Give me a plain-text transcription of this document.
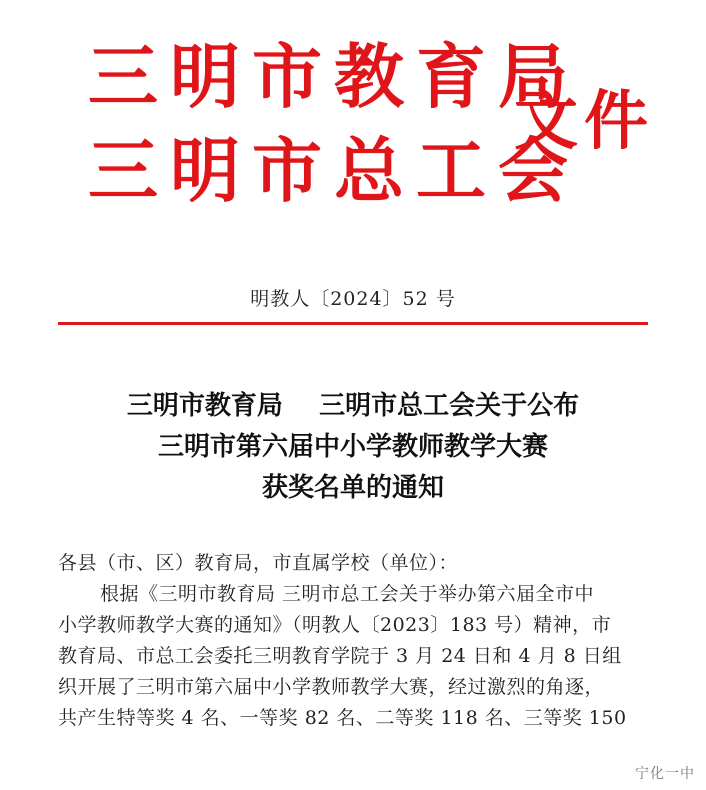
三明市教育局
三明市总工会
文件
明教人〔2024〕52 号
三明市教育局    三明市总工会关于公布
三明市第六届中小学教师教学大赛
获奖名单的通知
各县（市、区）教育局，市直属学校（单位）：
根据《三明市教育局 三明市总工会关于举办第六届全市中
小学教师教学大赛的通知》（明教人〔2023〕183 号）精神，市
教育局、市总工会委托三明教育学院于 3 月 24 日和 4 月 8 日组
织开展了三明市第六届中小学教师教学大赛，经过激烈的角逐，
共产生特等奖 4 名、一等奖 82 名、二等奖 118 名、三等奖 150
宁化一中
